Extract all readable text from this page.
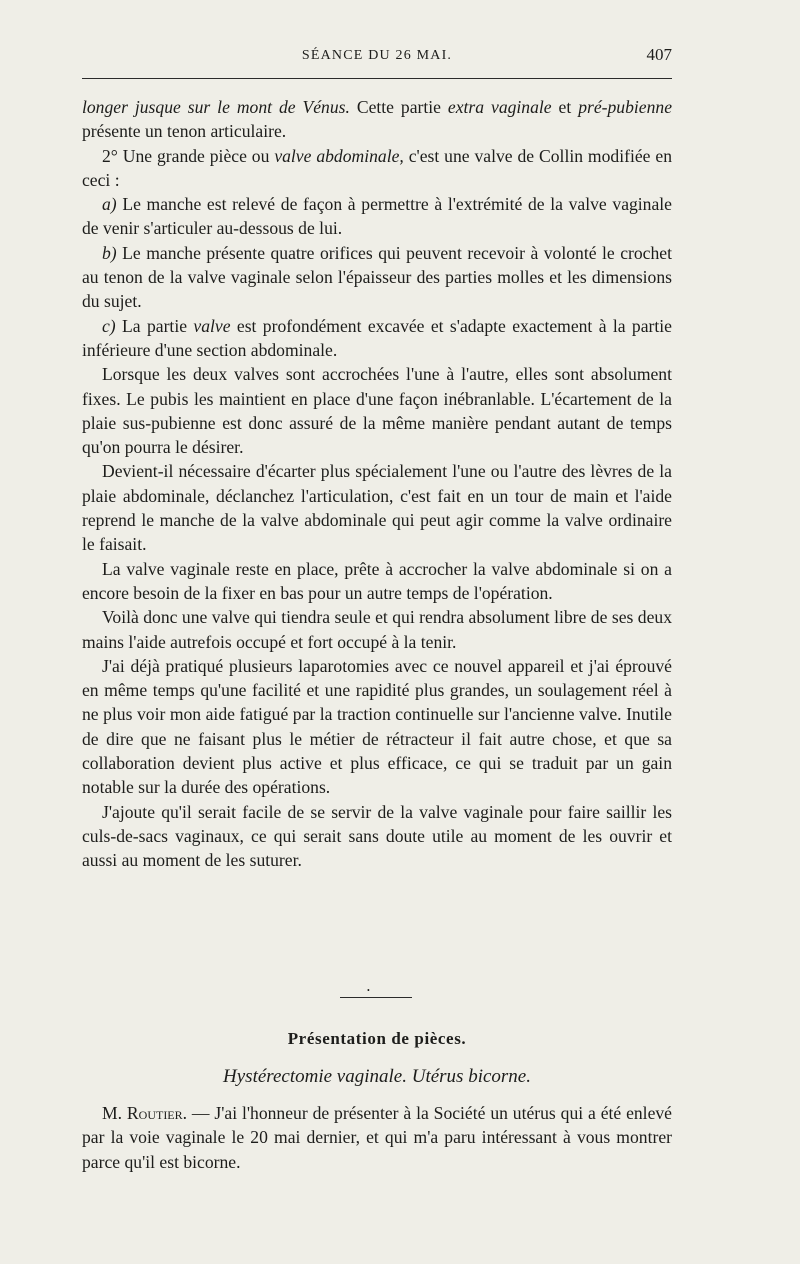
SÉANCE DU 26 MAI.	407

longer jusque sur le mont de Vénus. Cette partie extra vaginale et pré-pubienne présente un tenon articulaire.

2° Une grande pièce ou valve abdominale, c'est une valve de Collin modifiée en ceci :

a) Le manche est relevé de façon à permettre à l'extrémité de la valve vaginale de venir s'articuler au-dessous de lui.

b) Le manche présente quatre orifices qui peuvent recevoir à volonté le crochet au tenon de la valve vaginale selon l'épaisseur des parties molles et les dimensions du sujet.

c) La partie valve est profondément excavée et s'adapte exactement à la partie inférieure d'une section abdominale.

Lorsque les deux valves sont accrochées l'une à l'autre, elles sont absolument fixes. Le pubis les maintient en place d'une façon inébranlable. L'écartement de la plaie sus-pubienne est donc assuré de la même manière pendant autant de temps qu'on pourra le désirer.

Devient-il nécessaire d'écarter plus spécialement l'une ou l'autre des lèvres de la plaie abdominale, déclanchez l'articulation, c'est fait en un tour de main et l'aide reprend le manche de la valve abdominale qui peut agir comme la valve ordinaire le faisait.

La valve vaginale reste en place, prête à accrocher la valve abdominale si on a encore besoin de la fixer en bas pour un autre temps de l'opération.

Voilà donc une valve qui tiendra seule et qui rendra absolument libre de ses deux mains l'aide autrefois occupé et fort occupé à la tenir.

J'ai déjà pratiqué plusieurs laparotomies avec ce nouvel appareil et j'ai éprouvé en même temps qu'une facilité et une rapidité plus grandes, un soulagement réel à ne plus voir mon aide fatigué par la traction continuelle sur l'ancienne valve. Inutile de dire que ne faisant plus le métier de rétracteur il fait autre chose, et que sa collaboration devient plus active et plus efficace, ce qui se traduit par un gain notable sur la durée des opérations.

J'ajoute qu'il serait facile de se servir de la valve vaginale pour faire saillir les culs-de-sacs vaginaux, ce qui serait sans doute utile au moment de les ouvrir et aussi au moment de les suturer.

•
Présentation de pièces.
Hystérectomie vaginale. Utérus bicorne.

M. Routier. — J'ai l'honneur de présenter à la Société un utérus qui a été enlevé par la voie vaginale le 20 mai dernier, et qui m'a paru intéressant à vous montrer parce qu'il est bicorne.
